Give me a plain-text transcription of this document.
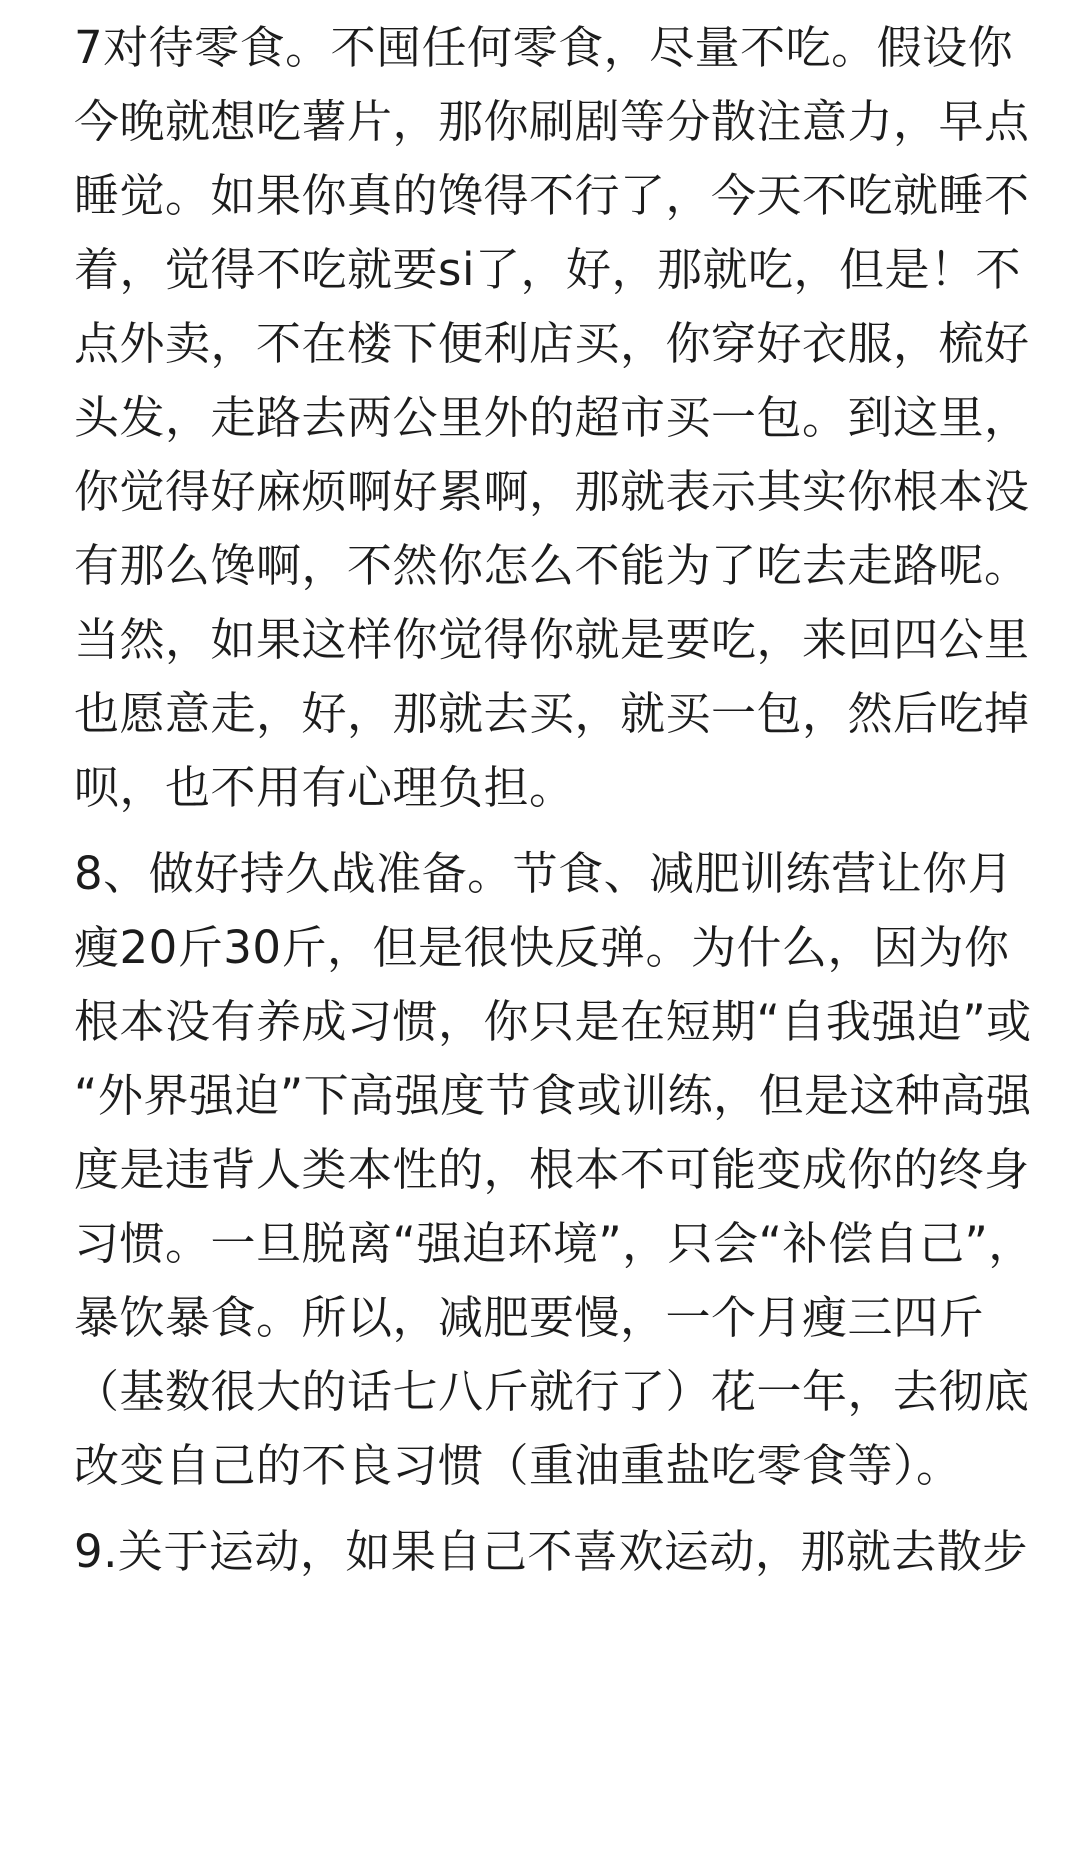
7对待零食。不囤任何零食，尽量不吃。假设你
今晚就想吃薯片，那你刷剧等分散注意力，早点
睡觉。如果你真的馋得不行了，今天不吃就睡不
着，觉得不吃就要si了，好，那就吃，但是！不
点外卖，不在楼下便利店买，你穿好衣服，梳好
头发，走路去两公里外的超市买一包。到这里，
你觉得好麻烦啊好累啊，那就表示其实你根本没
有那么馋啊，不然你怎么不能为了吃去走路呢。
当然，如果这样你觉得你就是要吃，来回四公里
也愿意走，好，那就去买，就买一包，然后吃掉
呗，也不用有心理负担。
8、做好持久战准备。节食、减肥训练营让你月
瘦20斤30斤，但是很快反弹。为什么，因为你
根本没有养成习惯，你只是在短期“自我强迫”或
“外界强迫”下高强度节食或训练，但是这种高强
度是违背人类本性的，根本不可能变成你的终身
习惯。一旦脱离“强迫环境”，只会“补偿自己”，
暴饮暴食。所以，减肥要慢，一个月瘦三四斤
（基数很大的话七八斤就行了）花一年，去彻底
改变自己的不良习惯（重油重盐吃零食等）。
9.关于运动，如果自己不喜欢运动，那就去散步
